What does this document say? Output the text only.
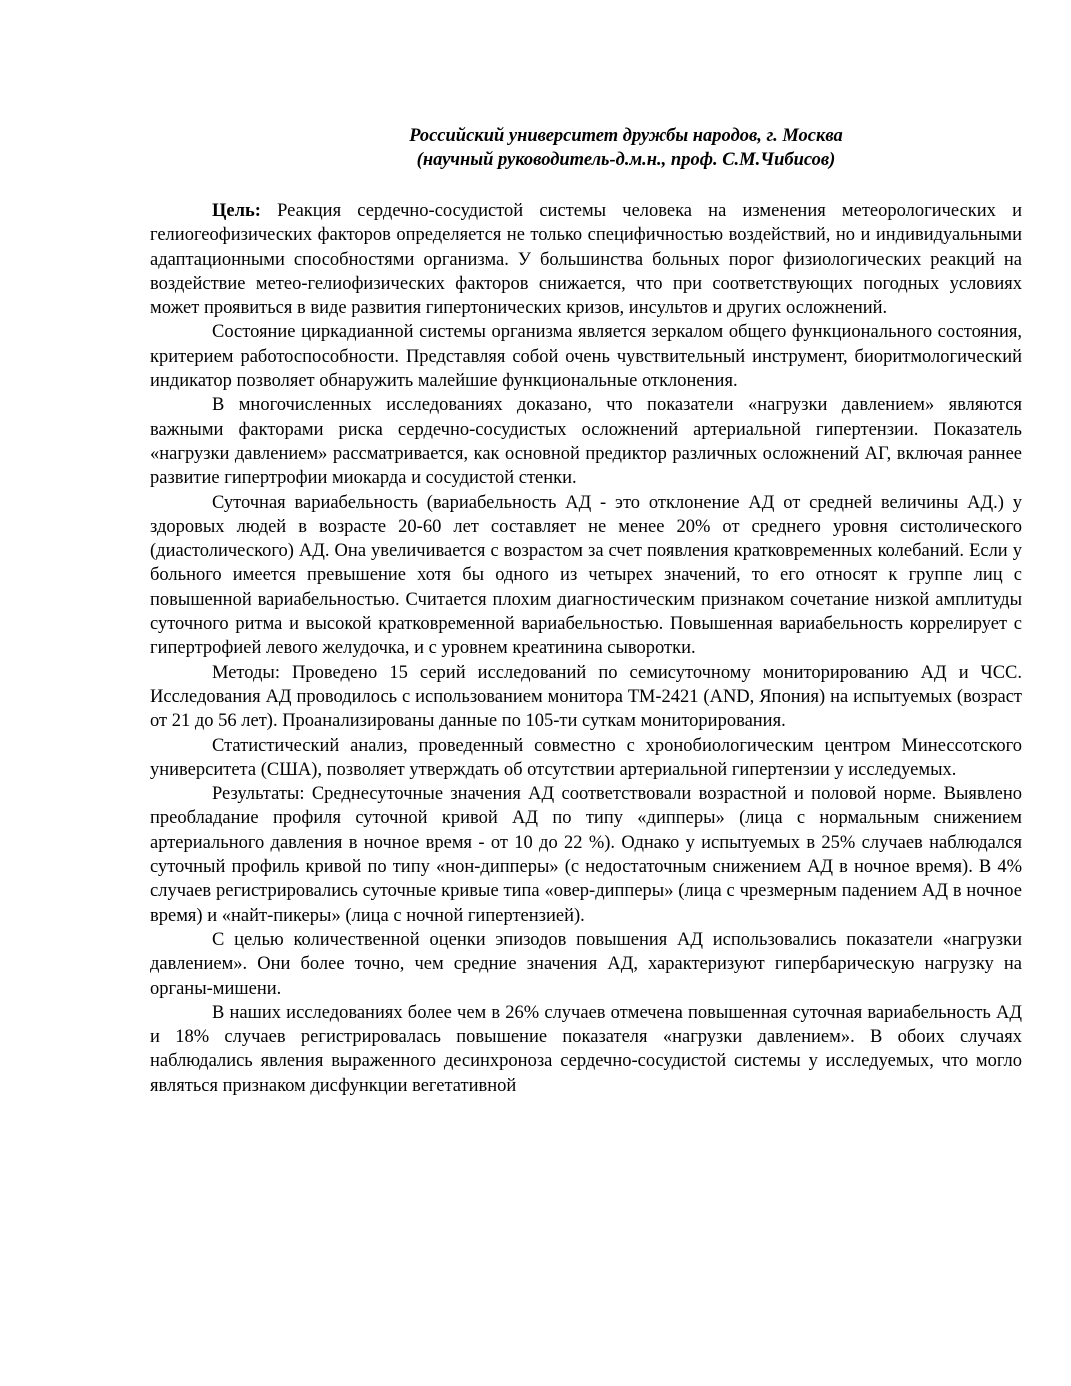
Российский университет дружбы народов, г. Москва
(научный руководитель-д.м.н., проф. С.М.Чибисов)

Цель: Реакция сердечно-сосудистой системы человека на изменения метеорологических и гелиогеофизических факторов определяется не только специфичностью воздействий, но и индивидуальными адаптационными способностями организма. У большинства больных порог физиологических реакций на воздействие метео-гелиофизических факторов снижается, что при соответствующих погодных условиях может проявиться в виде развития гипертонических кризов, инсультов и других осложнений.

Состояние циркадианной системы организма является зеркалом общего функционального состояния, критерием работоспособности. Представляя собой очень чувствительный инструмент, биоритмологический индикатор позволяет обнаружить малейшие функциональные отклонения.

В многочисленных исследованиях доказано, что показатели «нагрузки давлением» являются важными факторами риска сердечно-сосудистых осложнений артериальной гипертензии. Показатель «нагрузки давлением» рассматривается, как основной предиктор различных осложнений АГ, включая раннее развитие гипертрофии миокарда и сосудистой стенки.

Суточная вариабельность (вариабельность АД - это отклонение АД от средней величины АД.) у здоровых людей в возрасте 20-60 лет составляет не менее 20% от среднего уровня систолического (диастолического) АД. Она увеличивается с возрастом за счет появления кратковременных колебаний. Если у больного имеется превышение хотя бы одного из четырех значений, то его относят к группе лиц с повышенной вариабельностью. Считается плохим диагностическим признаком сочетание низкой амплитуды суточного ритма и высокой кратковременной вариабельностью. Повышенная вариабельность коррелирует с гипертрофией левого желудочка, и с уровнем креатинина сыворотки.

Методы: Проведено 15 серий исследований по семисуточному мониторированию АД и ЧСС. Исследования АД проводилось с использованием монитора ТМ-2421 (AND, Япония) на испытуемых (возраст от 21 до 56 лет). Проанализированы данные по 105-ти суткам мониторирования.

Статистический анализ, проведенный совместно с хронобиологическим центром Минессотского университета (США), позволяет утверждать об отсутствии артериальной гипертензии у исследуемых.

Результаты: Среднесуточные значения АД соответствовали возрастной и половой норме. Выявлено преобладание профиля суточной кривой АД по типу «дипперы» (лица с нормальным снижением артериального давления в ночное время - от 10 до 22 %). Однако у испытуемых в 25% случаев наблюдался суточный профиль кривой по типу «нон-дипперы» (с недостаточным снижением АД в ночное время). В 4% случаев регистрировались суточные кривые типа «овер-дипперы» (лица с чрезмерным падением АД в ночное время) и «найт-пикеры» (лица с ночной гипертензией).

С целью количественной оценки эпизодов повышения АД использовались показатели «нагрузки давлением». Они более точно, чем средние значения АД, характеризуют гипербарическую нагрузку на органы-мишени.

В наших исследованиях более чем в 26% случаев отмечена повышенная суточная вариабельность АД и 18% случаев регистрировалась повышение показателя «нагрузки давлением». В обоих случаях наблюдались явления выраженного десинхроноза сердечно-сосудистой системы у исследуемых, что могло являться признаком дисфункции вегетативной
